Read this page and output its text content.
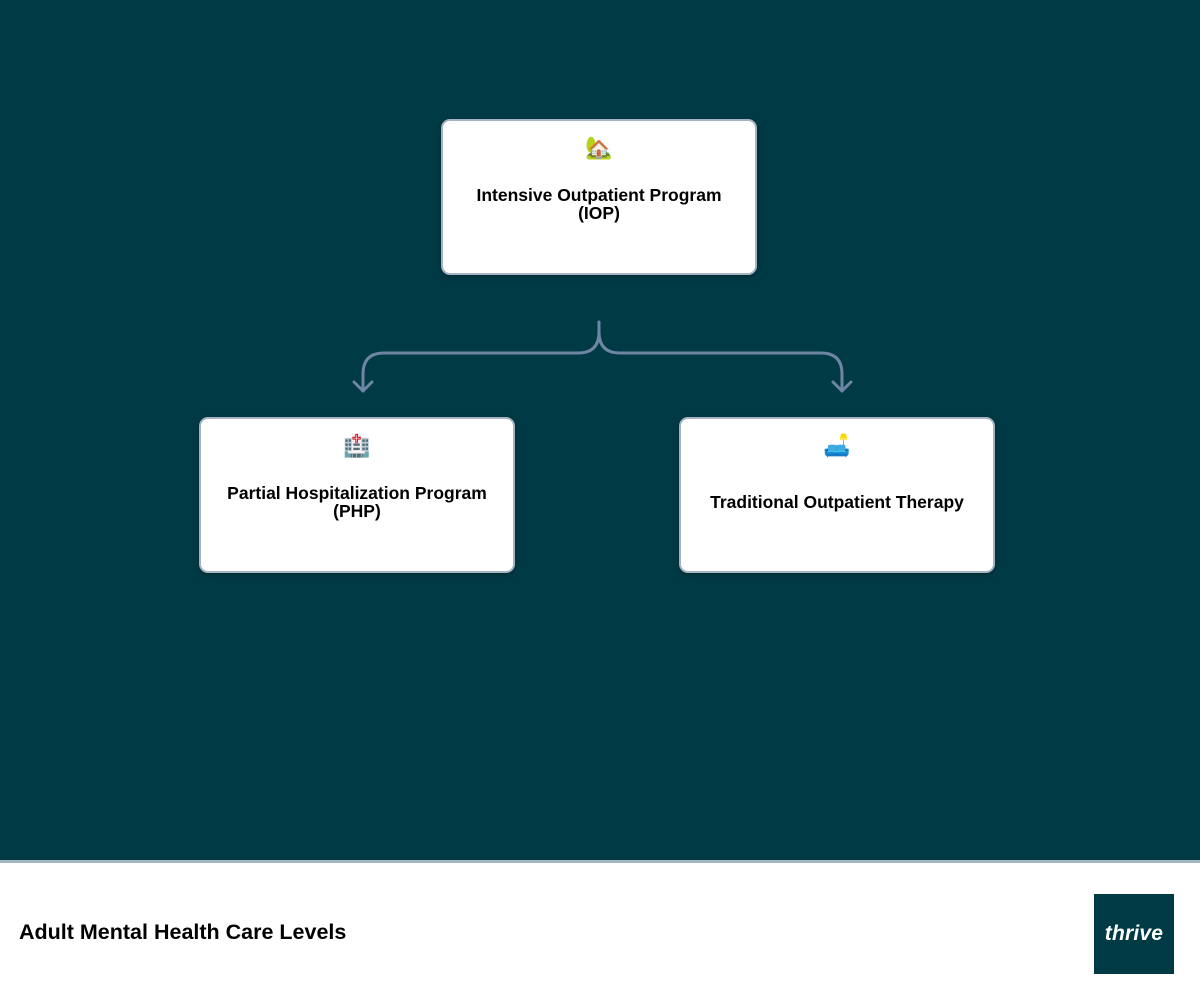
🏡
Intensive Outpatient Program (IOP)
🏥
Partial Hospitalization Program (PHP)
🛋️
Traditional Outpatient Therapy
Adult Mental Health Care Levels	thrive
